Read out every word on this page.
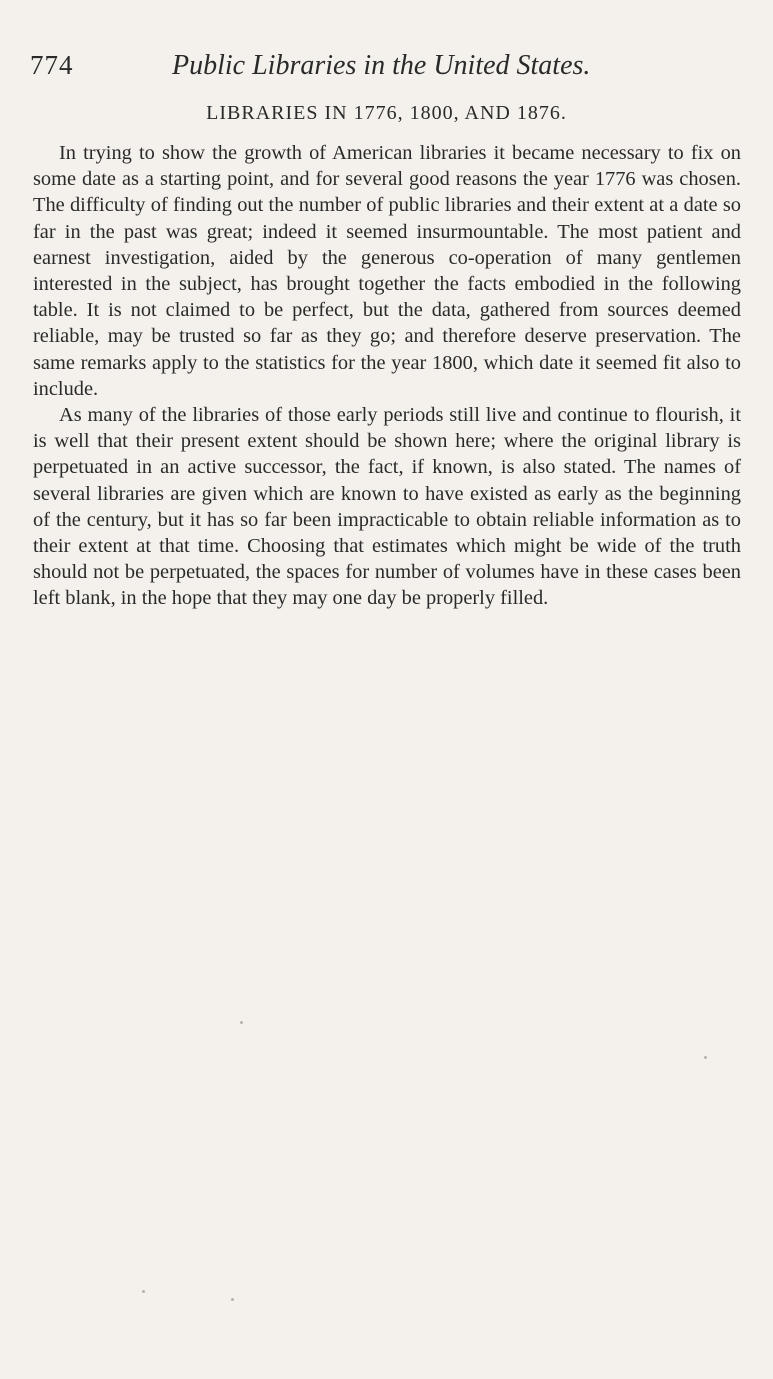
774	Public Libraries in the United States.
LIBRARIES IN 1776, 1800, AND 1876.

In trying to show the growth of American libraries it became necessary to fix on some date as a starting point, and for several good reasons the year 1776 was chosen. The difficulty of finding out the number of public libraries and their extent at a date so far in the past was great; indeed it seemed insurmountable. The most patient and earnest investigation, aided by the generous co-operation of many gentlemen interested in the subject, has brought together the facts embodied in the following table. It is not claimed to be perfect, but the data, gathered from sources deemed reliable, may be trusted so far as they go; and therefore deserve preservation. The same remarks apply to the statistics for the year 1800, which date it seemed fit also to include.

As many of the libraries of those early periods still live and continue to flourish, it is well that their present extent should be shown here; where the original library is perpetuated in an active successor, the fact, if known, is also stated. The names of several libraries are given which are known to have existed as early as the beginning of the century, but it has so far been impracticable to obtain reliable information as to their extent at that time. Choosing that estimates which might be wide of the truth should not be perpetuated, the spaces for number of volumes have in these cases been left blank, in the hope that they may one day be properly filled.
